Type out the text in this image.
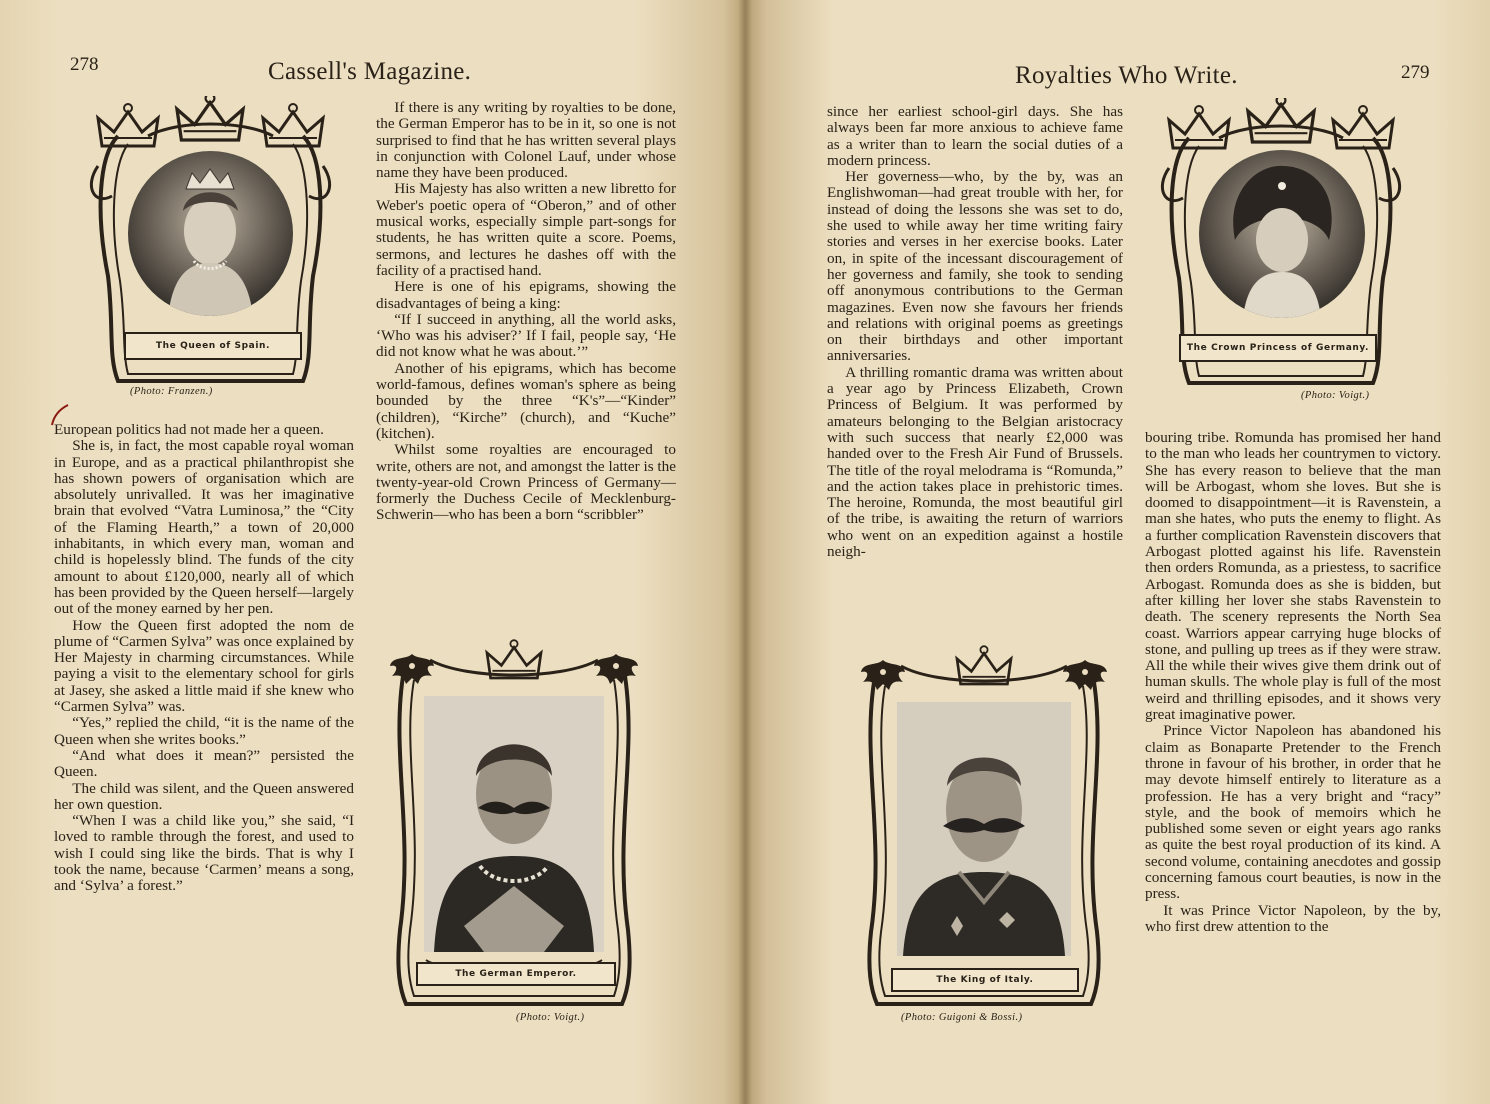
278	Cassell's Magazine.
The Queen of Spain.
(Photo: Franzen.)

European politics had not made her a queen.

She is, in fact, the most capable royal woman in Europe, and as a practical philanthropist she has shown powers of organisation which are absolutely unrivalled. It was her imaginative brain that evolved “Vatra Luminosa,” the “City of the Flaming Hearth,” a town of 20,000 inhabitants, in which every man, woman and child is hopelessly blind. The funds of the city amount to about £120,000, nearly all of which has been provided by the Queen herself—largely out of the money earned by her pen.

How the Queen first adopted the nom de plume of “Carmen Sylva” was once explained by Her Majesty in charming circumstances. While paying a visit to the elementary school for girls at Jasey, she asked a little maid if she knew who “Carmen Sylva” was.

“Yes,” replied the child, “it is the name of the Queen when she writes books.”

“And what does it mean?” persisted the Queen.

The child was silent, and the Queen answered her own question.

“When I was a child like you,” she said, “I loved to ramble through the forest, and used to wish I could sing like the birds. That is why I took the name, because ‘Carmen’ means a song, and ‘Sylva’ a forest.”

If there is any writing by royalties to be done, the German Emperor has to be in it, so one is not surprised to find that he has written several plays in conjunction with Colonel Lauf, under whose name they have been produced.

His Majesty has also written a new libretto for Weber's poetic opera of “Oberon,” and of other musical works, especially simple part-songs for students, he has written quite a score. Poems, sermons, and lectures he dashes off with the facility of a practised hand.

Here is one of his epigrams, showing the disadvantages of being a king:

“If I succeed in anything, all the world asks, ‘Who was his adviser?’ If I fail, people say, ‘He did not know what he was about.’”

Another of his epigrams, which has become world-famous, defines woman's sphere as being bounded by the three “K's”—“Kinder” (children), “Kirche” (church), and “Kuche” (kitchen).

Whilst some royalties are encouraged to write, others are not, and amongst the latter is the twenty-year-old Crown Princess of Germany—formerly the Duchess Cecile of Mecklenburg-Schwerin—who has been a born “scribbler”

The German Emperor.
(Photo: Voigt.)
Royalties Who Write.	279

since her earliest school-girl days. She has always been far more anxious to achieve fame as a writer than to learn the social duties of a modern princess.

Her governess—who, by the by, was an Englishwoman—had great trouble with her, for instead of doing the lessons she was set to do, she used to while away her time writing fairy stories and verses in her exercise books. Later on, in spite of the incessant discouragement of her governess and family, she took to sending off anonymous contributions to the German magazines. Even now she favours her friends and relations with original poems as greetings on their birthdays and other important anniversaries.

A thrilling romantic drama was written about a year ago by Princess Elizabeth, Crown Princess of Belgium. It was performed by amateurs belonging to the Belgian aristocracy with such success that nearly £2,000 was handed over to the Fresh Air Fund of Brussels. The title of the royal melodrama is “Romunda,” and the action takes place in prehistoric times. The heroine, Romunda, the most beautiful girl of the tribe, is awaiting the return of warriors who went on an expedition against a hostile neigh-

The Crown Princess of Germany.
(Photo: Voigt.)

bouring tribe. Romunda has promised her hand to the man who leads her countrymen to victory. She has every reason to believe that the man will be Arbogast, whom she loves. But she is doomed to disappointment—it is Ravenstein, a man she hates, who puts the enemy to flight. As a further complication Ravenstein discovers that Arbogast plotted against his life. Ravenstein then orders Romunda, as a priestess, to sacrifice Arbogast. Romunda does as she is bidden, but after killing her lover she stabs Ravenstein to death. The scenery represents the North Sea coast. Warriors appear carrying huge blocks of stone, and pulling up trees as if they were straw. All the while their wives give them drink out of human skulls. The whole play is full of the most weird and thrilling episodes, and it shows very great imaginative power.

Prince Victor Napoleon has abandoned his claim as Bonaparte Pretender to the French throne in favour of his brother, in order that he may devote himself entirely to literature as a profession. He has a very bright and “racy” style, and the book of memoirs which he published some seven or eight years ago ranks as quite the best royal production of its kind. A second volume, containing anecdotes and gossip concerning famous court beauties, is now in the press.

It was Prince Victor Napoleon, by the by, who first drew attention to the

The King of Italy.
(Photo: Guigoni & Bossi.)
